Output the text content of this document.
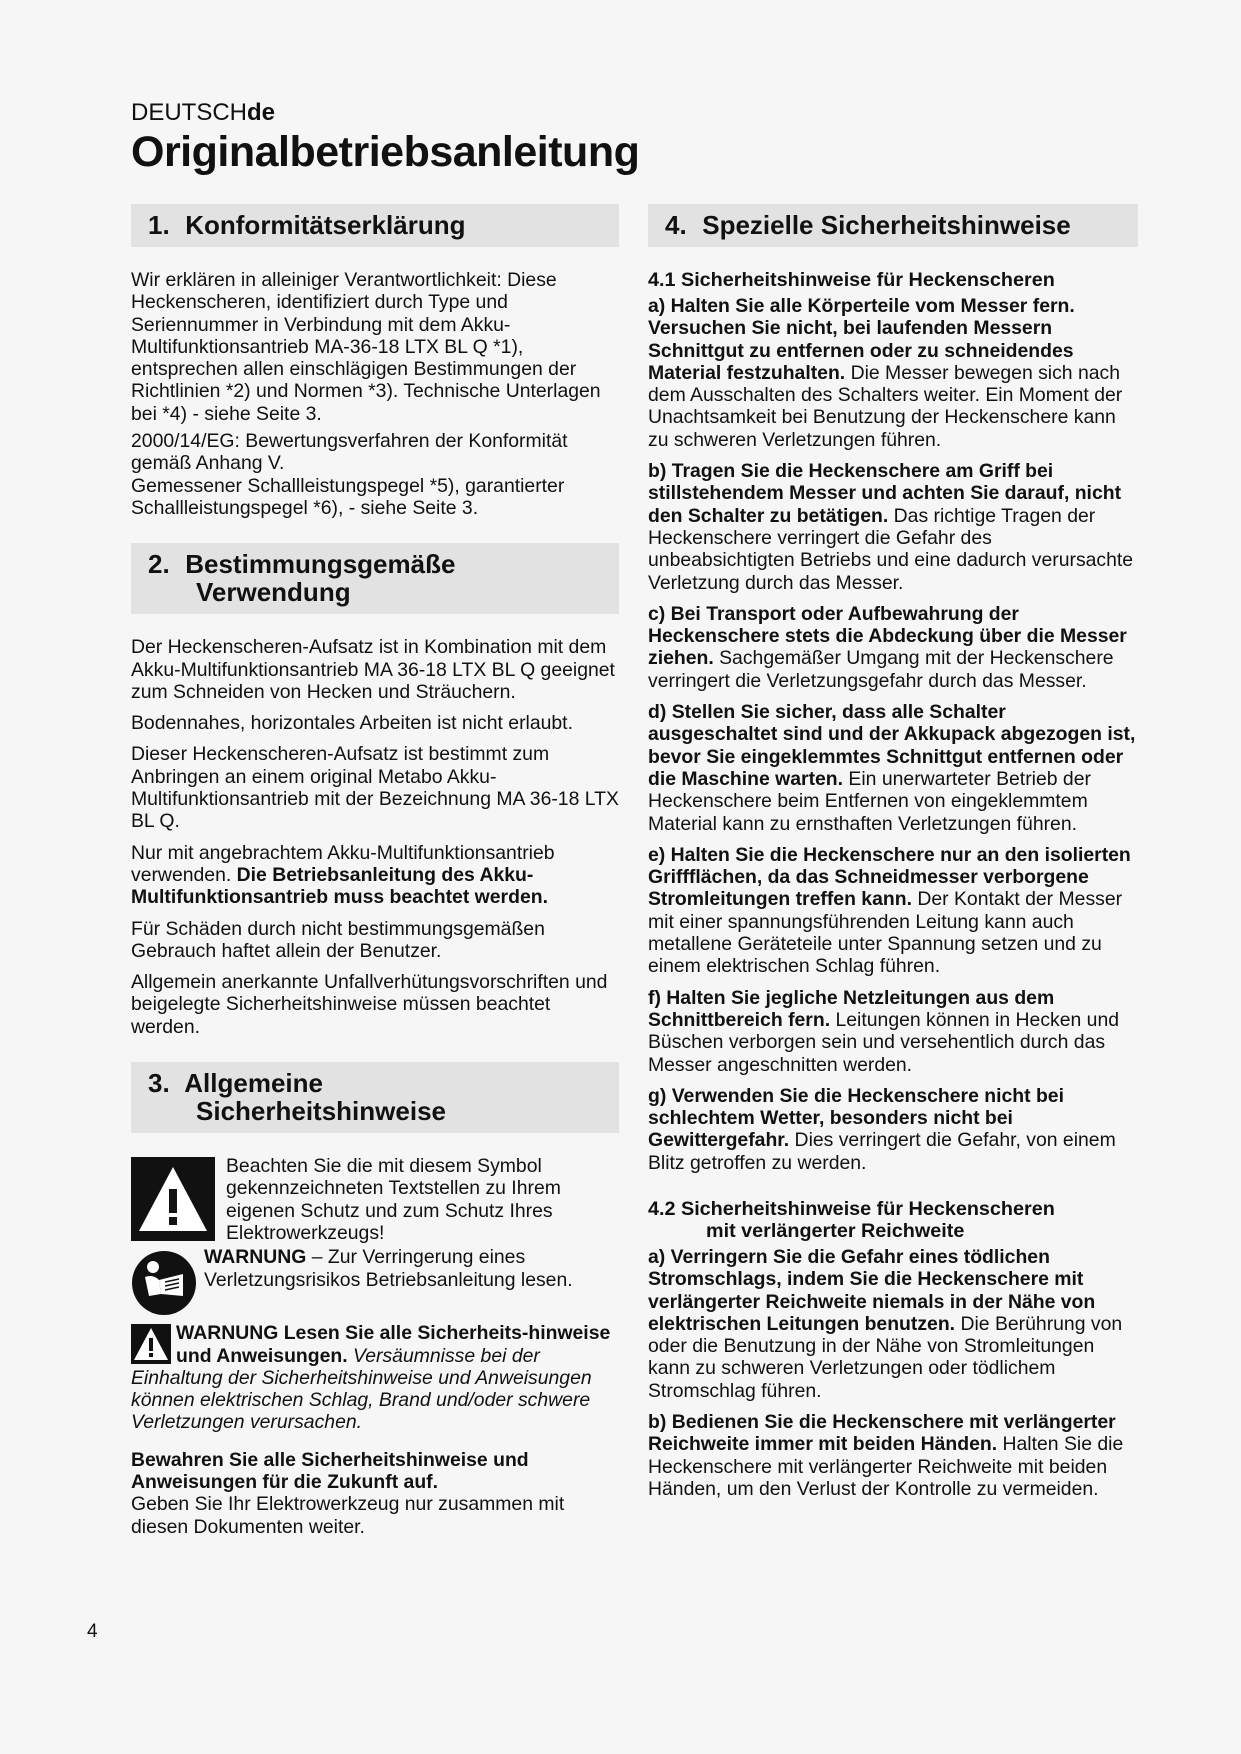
DEUTSCHde
Originalbetriebsanleitung
1. Konformitätserklärung

Wir erklären in alleiniger Verantwortlichkeit: Diese Heckenscheren, identifiziert durch Type und Seriennummer in Verbindung mit dem Akku-Multifunktionsantrieb MA-36-18 LTX BL Q *1), entsprechen allen einschlägigen Bestimmungen der Richtlinien *2) und Normen *3). Technische Unterlagen bei *4) - siehe Seite 3.

2000/14/EG: Bewertungsverfahren der Konformität gemäß Anhang V.
Gemessener Schallleistungspegel *5), garantierter Schallleistungspegel *6), - siehe Seite 3.

2. Bestimmungsgemäße
Verwendung

Der Heckenscheren-Aufsatz ist in Kombination mit dem Akku-Multifunktionsantrieb MA 36-18 LTX BL Q geeignet zum Schneiden von Hecken und Sträuchern.

Bodennahes, horizontales Arbeiten ist nicht erlaubt.

Dieser Heckenscheren-Aufsatz ist bestimmt zum Anbringen an einem original Metabo Akku-Multifunktionsantrieb mit der Bezeichnung MA 36-18 LTX BL Q.

Nur mit angebrachtem Akku-Multifunktionsantrieb verwenden. Die Betriebsanleitung des Akku-Multifunktionsantrieb muss beachtet werden.

Für Schäden durch nicht bestimmungsgemäßen Gebrauch haftet allein der Benutzer.

Allgemein anerkannte Unfallverhütungsvorschriften und beigelegte Sicherheitshinweise müssen beachtet werden.

3. Allgemeine
Sicherheitshinweise

Beachten Sie die mit diesem Symbol gekennzeichneten Textstellen zu Ihrem eigenen Schutz und zum Schutz Ihres Elektrowerkzeugs!

WARNUNG – Zur Verringerung eines Verletzungsrisikos Betriebsanleitung lesen.

WARNUNG Lesen Sie alle Sicherheits-hinweise und Anweisungen. Versäumnisse bei der Einhaltung der Sicherheitshinweise und Anweisungen können elektrischen Schlag, Brand und/oder schwere Verletzungen verursachen.

Bewahren Sie alle Sicherheitshinweise und Anweisungen für die Zukunft auf.
Geben Sie Ihr Elektrowerkzeug nur zusammen mit diesen Dokumenten weiter.

4. Spezielle Sicherheitshinweise
4.1 Sicherheitshinweise für Heckenscheren

a) Halten Sie alle Körperteile vom Messer fern. Versuchen Sie nicht, bei laufenden Messern Schnittgut zu entfernen oder zu schneidendes Material festzuhalten. Die Messer bewegen sich nach dem Ausschalten des Schalters weiter. Ein Moment der Unachtsamkeit bei Benutzung der Heckenschere kann zu schweren Verletzungen führen.

b) Tragen Sie die Heckenschere am Griff bei stillstehendem Messer und achten Sie darauf, nicht den Schalter zu betätigen. Das richtige Tragen der Heckenschere verringert die Gefahr des unbeabsichtigten Betriebs und eine dadurch verursachte Verletzung durch das Messer.

c) Bei Transport oder Aufbewahrung der Heckenschere stets die Abdeckung über die Messer ziehen. Sachgemäßer Umgang mit der Heckenschere verringert die Verletzungsgefahr durch das Messer.

d) Stellen Sie sicher, dass alle Schalter ausgeschaltet sind und der Akkupack abgezogen ist, bevor Sie eingeklemmtes Schnittgut entfernen oder die Maschine warten. Ein unerwarteter Betrieb der Heckenschere beim Entfernen von eingeklemmtem Material kann zu ernsthaften Verletzungen führen.

e) Halten Sie die Heckenschere nur an den isolierten Griffflächen, da das Schneidmesser verborgene Stromleitungen treffen kann. Der Kontakt der Messer mit einer spannungsführenden Leitung kann auch metallene Geräteteile unter Spannung setzen und zu einem elektrischen Schlag führen.

f) Halten Sie jegliche Netzleitungen aus dem Schnittbereich fern. Leitungen können in Hecken und Büschen verborgen sein und versehentlich durch das Messer angeschnitten werden.

g) Verwenden Sie die Heckenschere nicht bei schlechtem Wetter, besonders nicht bei Gewittergefahr. Dies verringert die Gefahr, von einem Blitz getroffen zu werden.

4.2 Sicherheitshinweise für Heckenscheren
mit verlängerter Reichweite

a) Verringern Sie die Gefahr eines tödlichen Stromschlags, indem Sie die Heckenschere mit verlängerter Reichweite niemals in der Nähe von elektrischen Leitungen benutzen. Die Berührung von oder die Benutzung in der Nähe von Stromleitungen kann zu schweren Verletzungen oder tödlichem Stromschlag führen.

b) Bedienen Sie die Heckenschere mit verlängerter Reichweite immer mit beiden Händen. Halten Sie die Heckenschere mit verlängerter Reichweite mit beiden Händen, um den Verlust der Kontrolle zu vermeiden.

4
